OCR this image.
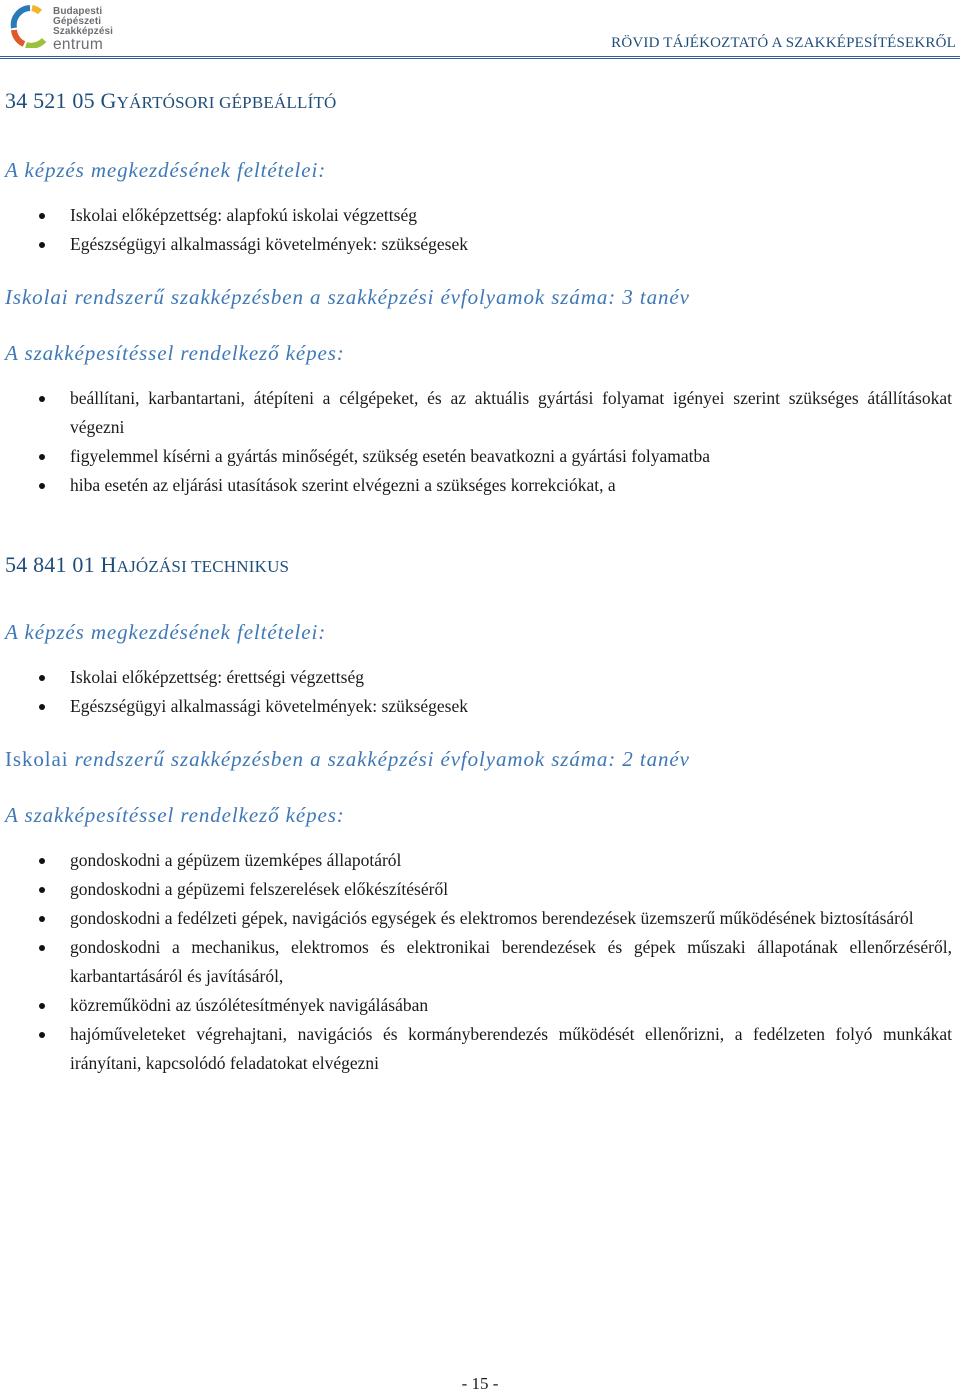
Budapesti
Gépészeti
Szakképzési
entrum	RÖVID TÁJÉKOZTATÓ A SZAKKÉPESÍTÉSEKRŐL
34 521 05 GYÁRTÓSORI GÉPBEÁLLÍTÓ
A képzés megkezdésének feltételei:
Iskolai előképzettség: alapfokú iskolai végzettség
Egészségügyi alkalmassági követelmények: szükségesek
Iskolai rendszerű szakképzésben a szakképzési évfolyamok száma: 3 tanév
A szakképesítéssel rendelkező képes:
beállítani, karbantartani, átépíteni a célgépeket, és az aktuális gyártási folyamat igényei szerint szükséges átállításokat végezni
figyelemmel kísérni a gyártás minőségét, szükség esetén beavatkozni a gyártási folyamatba
hiba esetén az eljárási utasítások szerint elvégezni a szükséges korrekciókat, a
54 841 01 HAJÓZÁSI TECHNIKUS
A képzés megkezdésének feltételei:
Iskolai előképzettség: érettségi végzettség
Egészségügyi alkalmassági követelmények: szükségesek
Iskolai rendszerű szakképzésben a szakképzési évfolyamok száma: 2 tanév
A szakképesítéssel rendelkező képes:
gondoskodni a gépüzem üzemképes állapotáról
gondoskodni a gépüzemi felszerelések előkészítéséről
gondoskodni a fedélzeti gépek, navigációs egységek és elektromos berendezések üzemszerű működésének biztosításáról
gondoskodni a mechanikus, elektromos és elektronikai berendezések és gépek műszaki állapotának ellenőrzéséről, karbantartásáról és javításáról,
közreműködni az úszólétesítmények navigálásában
hajóműveleteket végrehajtani, navigációs és kormányberendezés működését ellenőrizni, a fedélzeten folyó munkákat irányítani, kapcsolódó feladatokat elvégezni
- 15 -
